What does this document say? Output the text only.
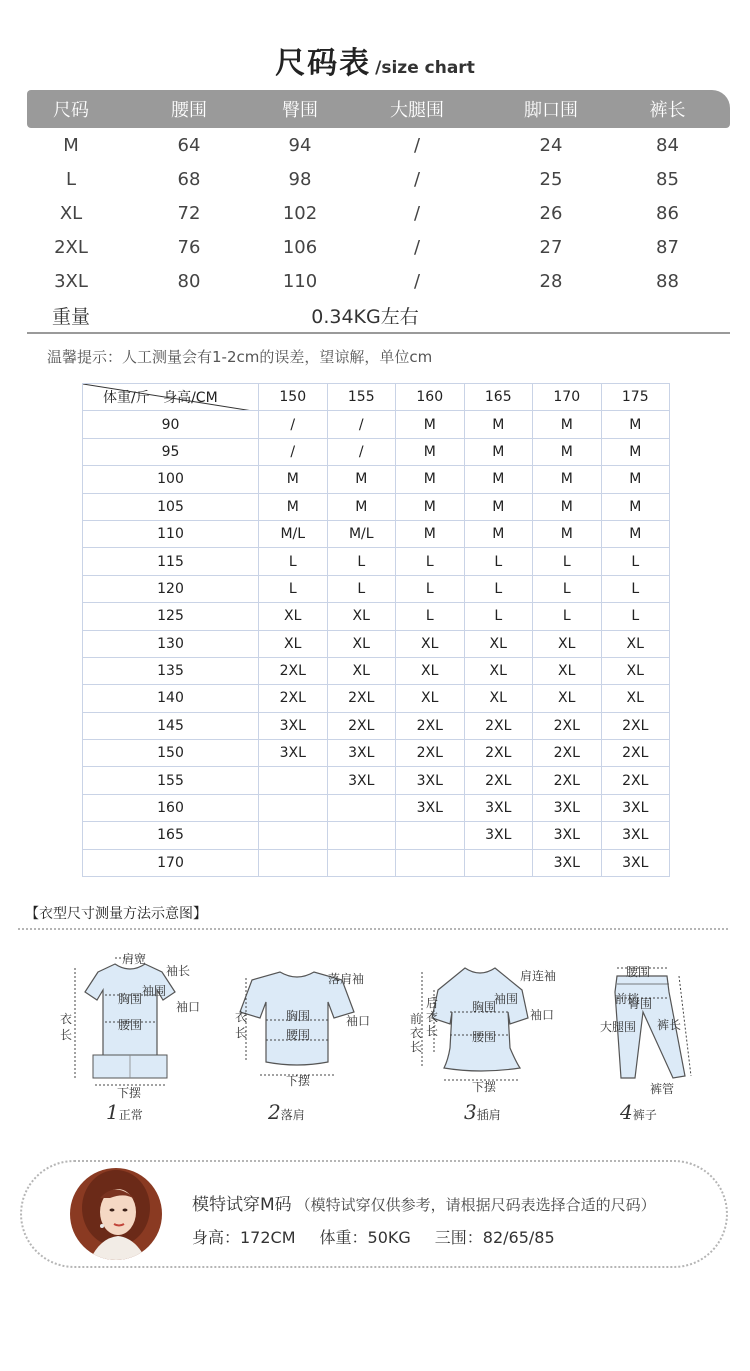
尺码表 /size chart
尺码	腰围	臀围	大腿围	脚口围	裤长
M	64	94	/	24	84
L	68	98	/	25	85
XL	72	102	/	26	86
2XL	76	106	/	27	87
3XL	80	110	/	28	88
重量	0.34KG左右
温馨提示：人工测量会有1-2cm的误差，望谅解，单位cm
体重/斤 身高/CM	150	155	160	165	170	175
90	/	/	M	M	M	M
95	/	/	M	M	M	M
100	M	M	M	M	M	M
105	M	M	M	M	M	M
110	M/L	M/L	M	M	M	M
115	L	L	L	L	L	L
120	L	L	L	L	L	L
125	XL	XL	L	L	L	L
130	XL	XL	XL	XL	XL	XL
135	2XL	XL	XL	XL	XL	XL
140	2XL	2XL	XL	XL	XL	XL
145	3XL	2XL	2XL	2XL	2XL	2XL
150	3XL	3XL	2XL	2XL	2XL	2XL
155		3XL	3XL	2XL	2XL	2XL
160			3XL	3XL	3XL	3XL
165				3XL	3XL	3XL
170					3XL	3XL
【衣型尺寸测量方法示意图】
肩宽
袖长
袖围
胸围
袖口
腰围
衣
长
下摆
1正常
落肩袖
衣
长
胸围	袖口
腰围
下摆
2落肩
肩连袖
后
衣
长
前
衣
长
袖围
胸围
袖口
腰围
下摆
3插肩
腰围
前档
臀围
大腿围 裤长
裤管
4裤子
模特试穿M码 （模特试穿仅供参考，请根据尺码表选择合适的尺码）
身高：172CM 体重：50KG 三围：82/65/85
